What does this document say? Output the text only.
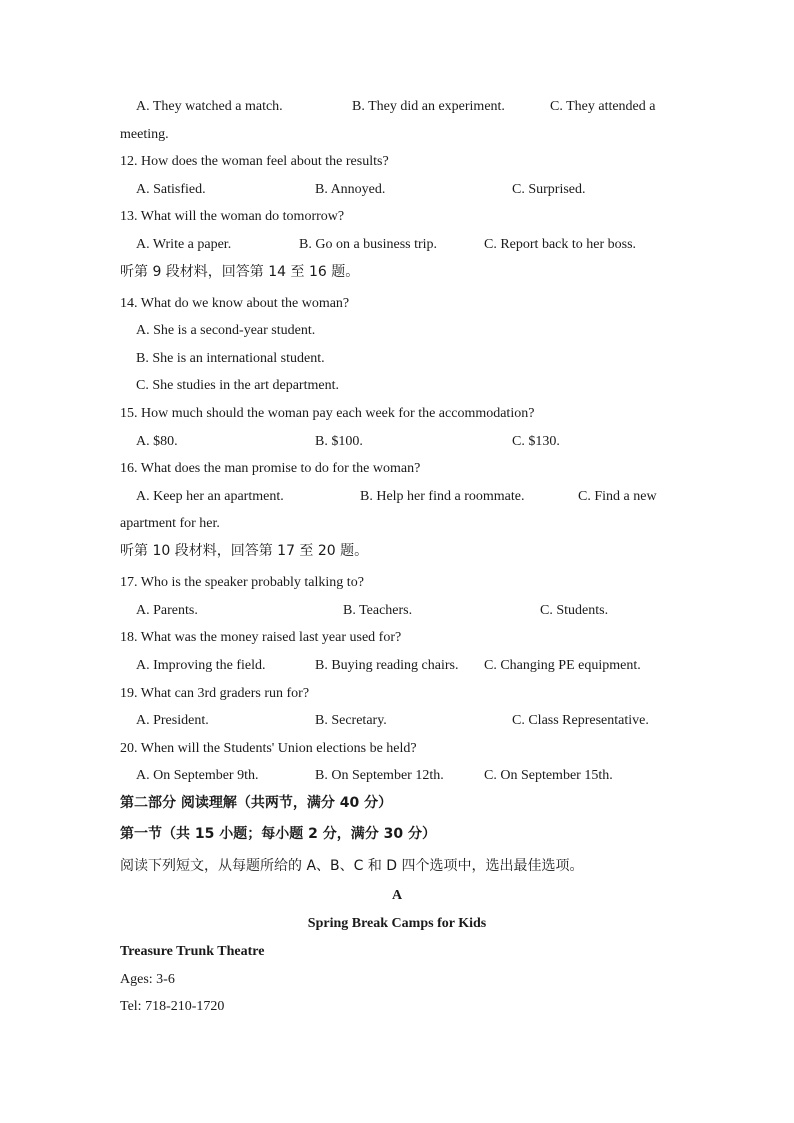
A. They watched a match.	B. They did an experiment.	C. They attended a
meeting.
12. How does the woman feel about the results?
A. Satisfied.	B. Annoyed.	C. Surprised.
13. What will the woman do tomorrow?
A. Write a paper.	B. Go on a business trip.	C. Report back to her boss.
听第 9 段材料，回答第 14 至 16 题。
14. What do we know about the woman?
A. She is a second-year student.
B. She is an international student.
C. She studies in the art department.
15. How much should the woman pay each week for the accommodation?
A. $80.	B. $100.	C. $130.
16. What does the man promise to do for the woman?
A. Keep her an apartment.	B. Help her find a roommate.	C. Find a new
apartment for her.
听第 10 段材料，回答第 17 至 20 题。
17. Who is the speaker probably talking to?
A. Parents.	B. Teachers.	C. Students.
18. What was the money raised last year used for?
A. Improving the field.	B. Buying reading chairs. C. Changing PE equipment.
19. What can 3rd graders run for?
A. President.	B. Secretary.	C. Class Representative.
20. When will the Students' Union elections be held?
A. On September 9th.	B. On September 12th.	C. On September 15th.
第二部分 阅读理解（共两节，满分 40 分）
第一节（共 15 小题；每小题 2 分，满分 30 分）
阅读下列短文，从每题所给的 A、B、C 和 D 四个选项中，选出最佳选项。
A
Spring Break Camps for Kids
Treasure Trunk Theatre
Ages: 3-6
Tel: 718-210-1720
